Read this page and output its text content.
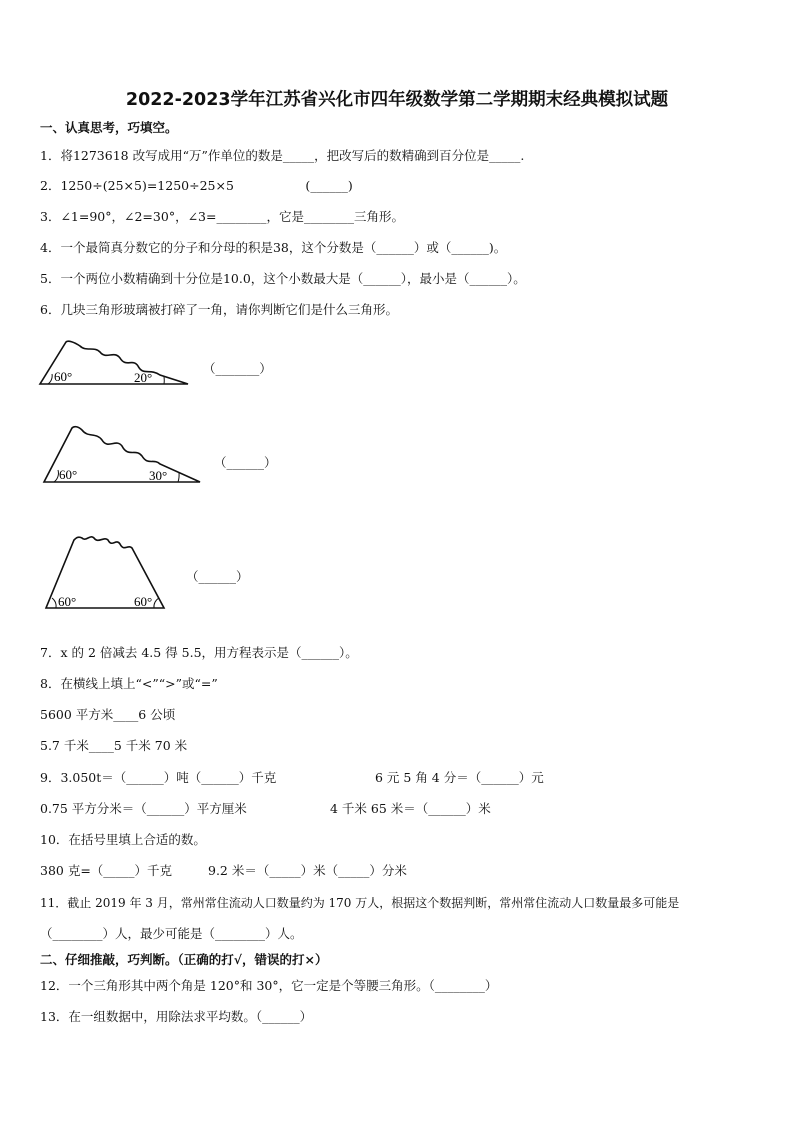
2022-2023学年江苏省兴化市四年级数学第二学期期末经典模拟试题
一、认真思考，巧填空。
1．将1273618 改写成用“万”作单位的数是_____，把改写后的数精确到百分位是_____.
2．1250÷(25×5)=1250÷25×5                  (______)
3．∠1=90°，∠2=30°，∠3=________，它是________三角形。
4．一个最简真分数它的分子和分母的积是38，这个分数是（______）或（______)。
5．一个两位小数精确到十分位是10.0，这个小数最大是（______），最小是（______）。
6．几块三角形玻璃被打碎了一角，请你判断它们是什么三角形。
60°	20°
（_______）
60°	30°
（______）
60°	60°
（______）
7．x 的 2 倍减去 4.5 得 5.5，用方程表示是（______）。
8．在横线上填上“<”“>”或“=”
5600 平方米____6 公顷
5.7 千米____5 千米 70 米
9．3.050t＝（______）吨（______）千克	6 元 5 角 4 分＝（______）元
0.75 平方分米＝（______）平方厘米	4 千米 65 米＝（______）米
10．在括号里填上合适的数。
380 克=（_____）千克	9.2 米＝（_____）米（_____）分米
11．截止 2019 年 3 月，常州常住流动人口数量约为 170 万人，根据这个数据判断，常州常住流动人口数量最多可能是
（________）人，最少可能是（________）人。
二、仔细推敲，巧判断。（正确的打√，错误的打×）
12．一个三角形其中两个角是 120°和 30°，它一定是个等腰三角形。（________）
13．在一组数据中，用除法求平均数。（______）
